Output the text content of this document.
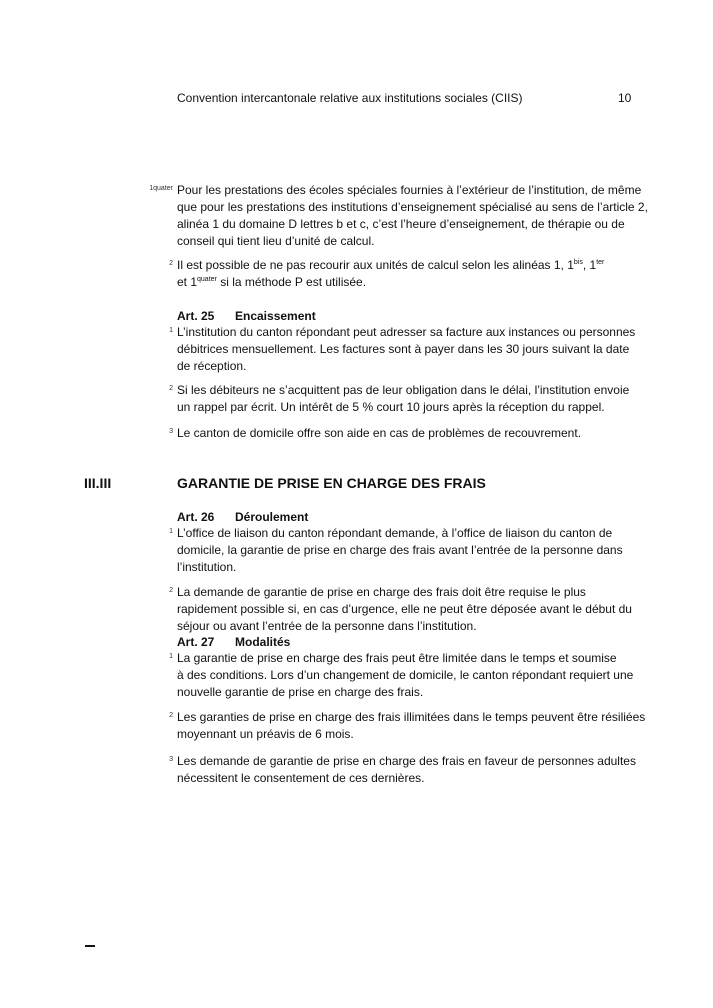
Convention intercantonale relative aux institutions sociales (CIIS)	10
1quater Pour les prestations des écoles spéciales fournies à l’extérieur de l’institution, de même

que pour les prestations des institutions d’enseignement spécialisé au sens de l’article 2,

alinéa 1 du domaine D lettres b et c, c’est l’heure d’enseignement, de thérapie ou de

conseil qui tient lieu d’unité de calcul.

2 Il est possible de ne pas recourir aux unités de calcul selon les alinéas 1, $1^{bis}$, $1^{ter}$

et $1^{quater}$ si la méthode P est utilisée.

Art. 25 Encaissement
1 L’institution du canton répondant peut adresser sa facture aux instances ou personnes

débitrices mensuellement. Les factures sont à payer dans les 30 jours suivant la date

de réception.

2 Si les débiteurs ne s’acquittent pas de leur obligation dans le délai, l’institution envoie

un rappel par écrit. Un intérêt de 5 % court 10 jours après la réception du rappel.

3 Le canton de domicile offre son aide en cas de problèmes de recouvrement.

III.III	GARANTIE DE PRISE EN CHARGE DES FRAIS
Art. 26 Déroulement
1 L’office de liaison du canton répondant demande, à l’office de liaison du canton de

domicile, la garantie de prise en charge des frais avant l’entrée de la personne dans

l’institution.

2 La demande de garantie de prise en charge des frais doit être requise le plus

rapidement possible si, en cas d’urgence, elle ne peut être déposée avant le début du

séjour ou avant l’entrée de la personne dans l’institution.

Art. 27 Modalités
1 La garantie de prise en charge des frais peut être limitée dans le temps et soumise

à des conditions. Lors d’un changement de domicile, le canton répondant requiert une

nouvelle garantie de prise en charge des frais.

2 Les garanties de prise en charge des frais illimitées dans le temps peuvent être résiliées

moyennant un préavis de 6 mois.

3 Les demande de garantie de prise en charge des frais en faveur de personnes adultes

nécessitent le consentement de ces dernières.
